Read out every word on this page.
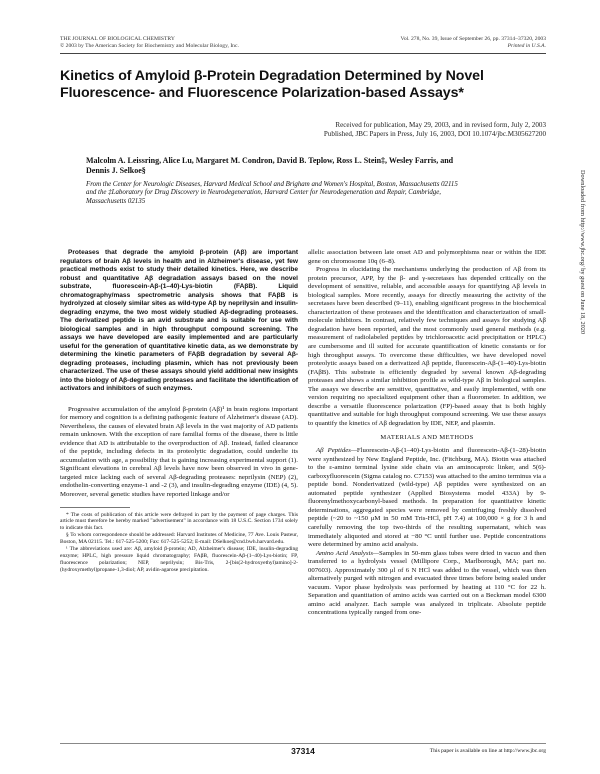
THE JOURNAL OF BIOLOGICAL CHEMISTRY
© 2003 by The American Society for Biochemistry and Molecular Biology, Inc.
Vol. 278, No. 39, Issue of September 26, pp. 37314–37320, 2003
Printed in U.S.A.
Kinetics of Amyloid β-Protein Degradation Determined by Novel Fluorescence- and Fluorescence Polarization-based Assays*
Received for publication, May 29, 2003, and in revised form, July 2, 2003
Published, JBC Papers in Press, July 16, 2003, DOI 10.1074/jbc.M305627200
Malcolm A. Leissring, Alice Lu, Margaret M. Condron, David B. Teplow, Ross L. Stein‡, Wesley Farris, and Dennis J. Selkoe§
From the Center for Neurologic Diseases, Harvard Medical School and Brigham and Women's Hospital, Boston, Massachusetts 02115 and the ‡Laboratory for Drug Discovery in Neurodegeneration, Harvard Center for Neurodegeneration and Repair, Cambridge, Massachusetts 02135

Proteases that degrade the amyloid β-protein (Aβ) are important regulators of brain Aβ levels in health and in Alzheimer's disease, yet few practical methods exist to study their detailed kinetics. Here, we describe robust and quantitative Aβ degradation assays based on the novel substrate, fluorescein-Aβ-(1–40)-Lys-biotin (FAβB). Liquid chromatography/mass spectrometric analysis shows that FAβB is hydrolyzed at closely similar sites as wild-type Aβ by neprilysin and insulin-degrading enzyme, the two most widely studied Aβ-degrading proteases. The derivatized peptide is an avid substrate and is suitable for use with biological samples and in high throughput compound screening. The assays we have developed are easily implemented and are particularly useful for the generation of quantitative kinetic data, as we demonstrate by determining the kinetic parameters of FAβB degradation by several Aβ-degrading proteases, including plasmin, which has not previously been characterized. The use of these assays should yield additional new insights into the biology of Aβ-degrading proteases and facilitate the identification of activators and inhibitors of such enzymes.

Progressive accumulation of the amyloid β-protein (Aβ)¹ in brain regions important for memory and cognition is a defining pathogenic feature of Alzheimer's disease (AD). Nevertheless, the causes of elevated brain Aβ levels in the vast majority of AD patients remain unknown. With the exception of rare familial forms of the disease, there is little evidence that AD is attributable to the overproduction of Aβ. Instead, failed clearance of the peptide, including defects in its proteolytic degradation, could underlie its accumulation with age, a possibility that is gaining increasing experimental support (1). Significant elevations in cerebral Aβ levels have now been observed in vivo in gene-targeted mice lacking each of several Aβ-degrading proteases: neprilysin (NEP) (2), endothelin-converting enzyme-1 and -2 (3), and insulin-degrading enzyme (IDE) (4, 5). Moreover, several genetic studies have reported linkage and/or

* The costs of publication of this article were defrayed in part by the payment of page charges. This article must therefore be hereby marked "advertisement" in accordance with 18 U.S.C. Section 1734 solely to indicate this fact.

§ To whom correspondence should be addressed: Harvard Institutes of Medicine, 77 Ave. Louis Pasteur, Boston, MA 02115. Tel.: 617-525-5200; Fax: 617-525-5252; E-mail: DSelkoe@cnd.bwh.harvard.edu.

¹ The abbreviations used are: Aβ, amyloid β-protein; AD, Alzheimer's disease; IDE, insulin-degrading enzyme; HPLC, high pressure liquid chromatography; FAβB, fluorescein-Aβ-(1–40)-Lys-biotin; FP, fluorescence polarization; NEP, neprilysin; Bis-Tris, 2-[bis(2-hydroxyethyl)amino]-2-(hydroxymethyl)propane-1,3-diol; AP, avidin-agarose precipitation.

allelic association between late onset AD and polymorphisms near or within the IDE gene on chromosome 10q (6–8).

Progress in elucidating the mechanisms underlying the production of Aβ from its protein precursor, APP, by the β- and γ-secretases has depended critically on the development of sensitive, reliable, and accessible assays for quantifying Aβ levels in biological samples. More recently, assays for directly measuring the activity of the secretases have been described (9–11), enabling significant progress in the biochemical characterization of these proteases and the identification and characterization of small-molecule inhibitors. In contrast, relatively few techniques and assays for studying Aβ degradation have been reported, and the most commonly used general methods (e.g. measurement of radiolabeled peptides by trichloroacetic acid precipitation or HPLC) are cumbersome and ill suited for accurate quantification of kinetic constants or for high throughput assays. To overcome these difficulties, we have developed novel proteolytic assays based on a derivatized Aβ peptide, fluorescein-Aβ-(1–40)-Lys-biotin (FAβB). This substrate is efficiently degraded by several known Aβ-degrading proteases and shows a similar inhibition profile as wild-type Aβ in biological samples. The assays we describe are sensitive, quantitative, and easily implemented, with one version requiring no specialized equipment other than a fluorometer. In addition, we describe a versatile fluorescence polarization (FP)-based assay that is both highly quantitative and suitable for high throughput compound screening. We use these assays to quantify the kinetics of Aβ degradation by IDE, NEP, and plasmin.

MATERIALS AND METHODS

Aβ Peptides—Fluorescein-Aβ-(1–40)-Lys-biotin and fluorescein-Aβ-(1–28)-biotin were synthesized by New England Peptide, Inc. (Fitchburg, MA). Biotin was attached to the ε-amino terminal lysine side chain via an aminocaproic linker, and 5(6)-carboxyfluorescein (Sigma catalog no. C7153) was attached to the amino terminus via a peptide bond. Nonderivatized (wild-type) Aβ peptides were synthesized on an automated peptide synthesizer (Applied Biosystems model 433A) by 9-fluorenylmethoxycarbonyl-based methods. In preparation for quantitative kinetic determinations, aggregated species were removed by centrifuging freshly dissolved peptide (~20 to ~150 μM in 50 mM Tris-HCl, pH 7.4) at 100,000 × g for 3 h and carefully removing the top two-thirds of the resulting supernatant, which was immediately aliquoted and stored at −80 °C until further use. Peptide concentrations were determined by amino acid analysis.

Amino Acid Analysis—Samples in 50-mm glass tubes were dried in vacuo and then transferred to a hydrolysis vessel (Millipore Corp., Marlborough, MA; part no. 007603). Approximately 300 μl of 6 N HCl was added to the vessel, which was then alternatively purged with nitrogen and evacuated three times before being sealed under vacuum. Vapor phase hydrolysis was performed by heating at 110 °C for 22 h. Separation and quantitation of amino acids was carried out on a Beckman model 6300 amino acid analyzer. Each sample was analyzed in triplicate. Absolute peptide concentrations typically ranged from one-

Downloaded from http://www.jbc.org/ by guest on June 18, 2020
37314	This paper is available on line at http://www.jbc.org
